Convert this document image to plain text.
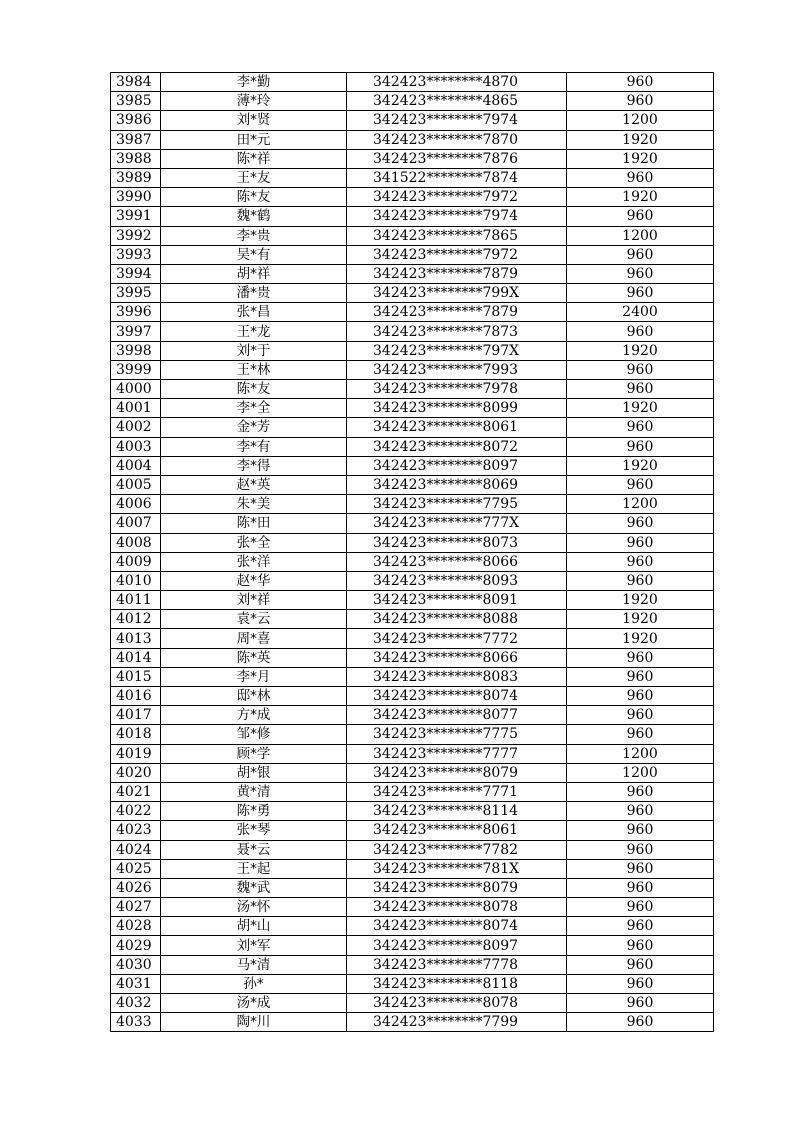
3984	李*勤	342423********4870	960
3985	薄*玲	342423********4865	960
3986	刘*贤	342423********7974	1200
3987	田*元	342423********7870	1920
3988	陈*祥	342423********7876	1920
3989	王*友	341522********7874	960
3990	陈*友	342423********7972	1920
3991	魏*鹤	342423********7974	960
3992	李*贵	342423********7865	1200
3993	吴*有	342423********7972	960
3994	胡*祥	342423********7879	960
3995	潘*贵	342423********799X	960
3996	张*昌	342423********7879	2400
3997	王*龙	342423********7873	960
3998	刘*于	342423********797X	1920
3999	王*林	342423********7993	960
4000	陈*友	342423********7978	960
4001	李*全	342423********8099	1920
4002	金*芳	342423********8061	960
4003	李*有	342423********8072	960
4004	李*得	342423********8097	1920
4005	赵*英	342423********8069	960
4006	朱*美	342423********7795	1200
4007	陈*田	342423********777X	960
4008	张*全	342423********8073	960
4009	张*洋	342423********8066	960
4010	赵*华	342423********8093	960
4011	刘*祥	342423********8091	1920
4012	袁*云	342423********8088	1920
4013	周*喜	342423********7772	1920
4014	陈*英	342423********8066	960
4015	李*月	342423********8083	960
4016	邸*林	342423********8074	960
4017	方*成	342423********8077	960
4018	邹*修	342423********7775	960
4019	顾*学	342423********7777	1200
4020	胡*银	342423********8079	1200
4021	黄*清	342423********7771	960
4022	陈*勇	342423********8114	960
4023	张*琴	342423********8061	960
4024	聂*云	342423********7782	960
4025	王*起	342423********781X	960
4026	魏*武	342423********8079	960
4027	汤*怀	342423********8078	960
4028	胡*山	342423********8074	960
4029	刘*军	342423********8097	960
4030	马*清	342423********7778	960
4031	孙*	342423********8118	960
4032	汤*成	342423********8078	960
4033	陶*川	342423********7799	960
